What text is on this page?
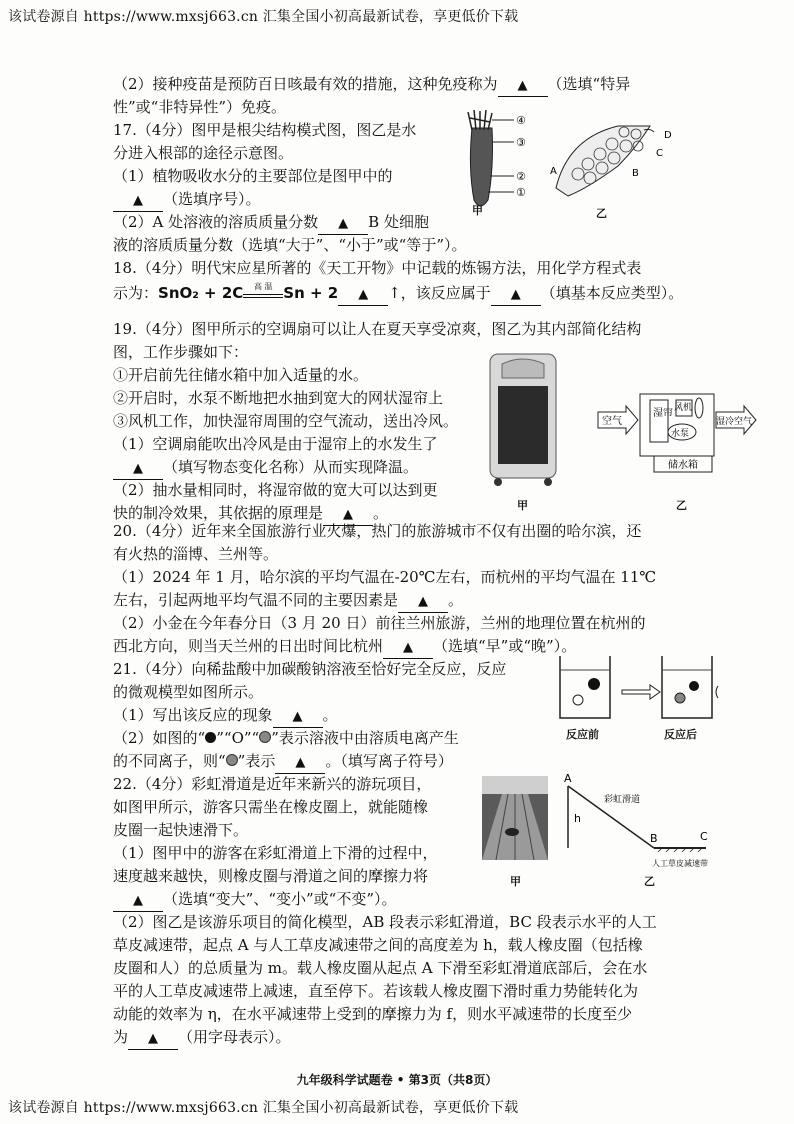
该试卷源自 https://www.mxsj663.cn 汇集全国小初高最新试卷，享更低价下载
（2）接种疫苗是预防百日咳最有效的措施，这种免疫称为 ▲ （选填“特异
性”或“非特异性”）免疫。
17.（4分）图甲是根尖结构模式图，图乙是水
分进入根部的途径示意图。
（1）植物吸收水分的主要部位是图甲中的
▲ （选填序号）。
（2）A 处溶液的溶质质量分数 ▲ B 处细胞
液的溶质质量分数（选填“大于”、“小于”或“等于”）。
④
③
②
①
甲
D
C
B
A
乙
18.（4分）明代宋应星所著的《天工开物》中记载的炼锡方法，用化学方程式表
示为：SnO₂ + 2C	高 温 Sn + 2 ▲ ↑，该反应属于 ▲ （填基本反应类型）。
19.（4分）图甲所示的空调扇可以让人在夏天享受凉爽，图乙为其内部简化结构
图，工作步骤如下：
①开启前先往储水箱中加入适量的水。
②开启时，水泵不断地把水抽到宽大的网状湿帘上
③风机工作，加快湿帘周围的空气流动，送出冷风。
（1）空调扇能吹出冷风是由于湿帘上的水发生了
▲ （填写物态变化名称）从而实现降温。
（2）抽水量相同时，将湿帘做的宽大可以达到更
快的制冷效果，其依据的原理是 ▲ 。	甲
空气
湿帘 风机
水泵
储水箱
湿冷空气
乙
20.（4分）近年来全国旅游行业火爆，热门的旅游城市不仅有出圈的哈尔滨，还
有火热的淄博、兰州等。
（1）2024 年 1 月，哈尔滨的平均气温在-20℃左右，而杭州的平均气温在 11℃
左右，引起两地平均气温不同的主要因素是 ▲ 。
（2）小金在今年春分日（3 月 20 日）前往兰州旅游，兰州的地理位置在杭州的
西北方向，则当天兰州的日出时间比杭州 ▲ （选填“早”或“晚”）。
21.（4分）向稀盐酸中加碳酸钠溶液至恰好完全反应，反应
的微观模型如图所示。
（1）写出该反应的现象 ▲ 。
（2）如图的“ ”“O”“ ”表示溶液中由溶质电离产生
的不同离子，则“ ”表示 ▲ 。（填写离子符号）
反应前	反应后
22.（4分）彩虹滑道是近年来新兴的游玩项目，
如图甲所示，游客只需坐在橡皮圈上，就能随橡
皮圈一起快速滑下。
（1）图甲中的游客在彩虹滑道上下滑的过程中，
速度越来越快，则橡皮圈与滑道之间的摩擦力将
▲ （选填“变大”、“变小”或“不变”）。
（2）图乙是该游乐项目的简化模型，AB 段表示彩虹滑道，BC 段表示水平的人工
草皮减速带，起点 A 与人工草皮减速带之间的高度差为 h，载人橡皮圈（包括橡
皮圈和人）的总质量为 m。载人橡皮圈从起点 A 下滑至彩虹滑道底部后，会在水
平的人工草皮减速带上减速，直至停下。若该载人橡皮圈下滑时重力势能转化为
动能的效率为 η，在水平减速带上受到的摩擦力为 f，则水平减速带的长度至少
为 ▲ （用字母表示）。
甲
A
h
彩虹滑道
B	C
人工草皮减速带
乙
九年级科学试题卷 • 第3页（共8页）
该试卷源自 https://www.mxsj663.cn 汇集全国小初高最新试卷，享更低价下载
